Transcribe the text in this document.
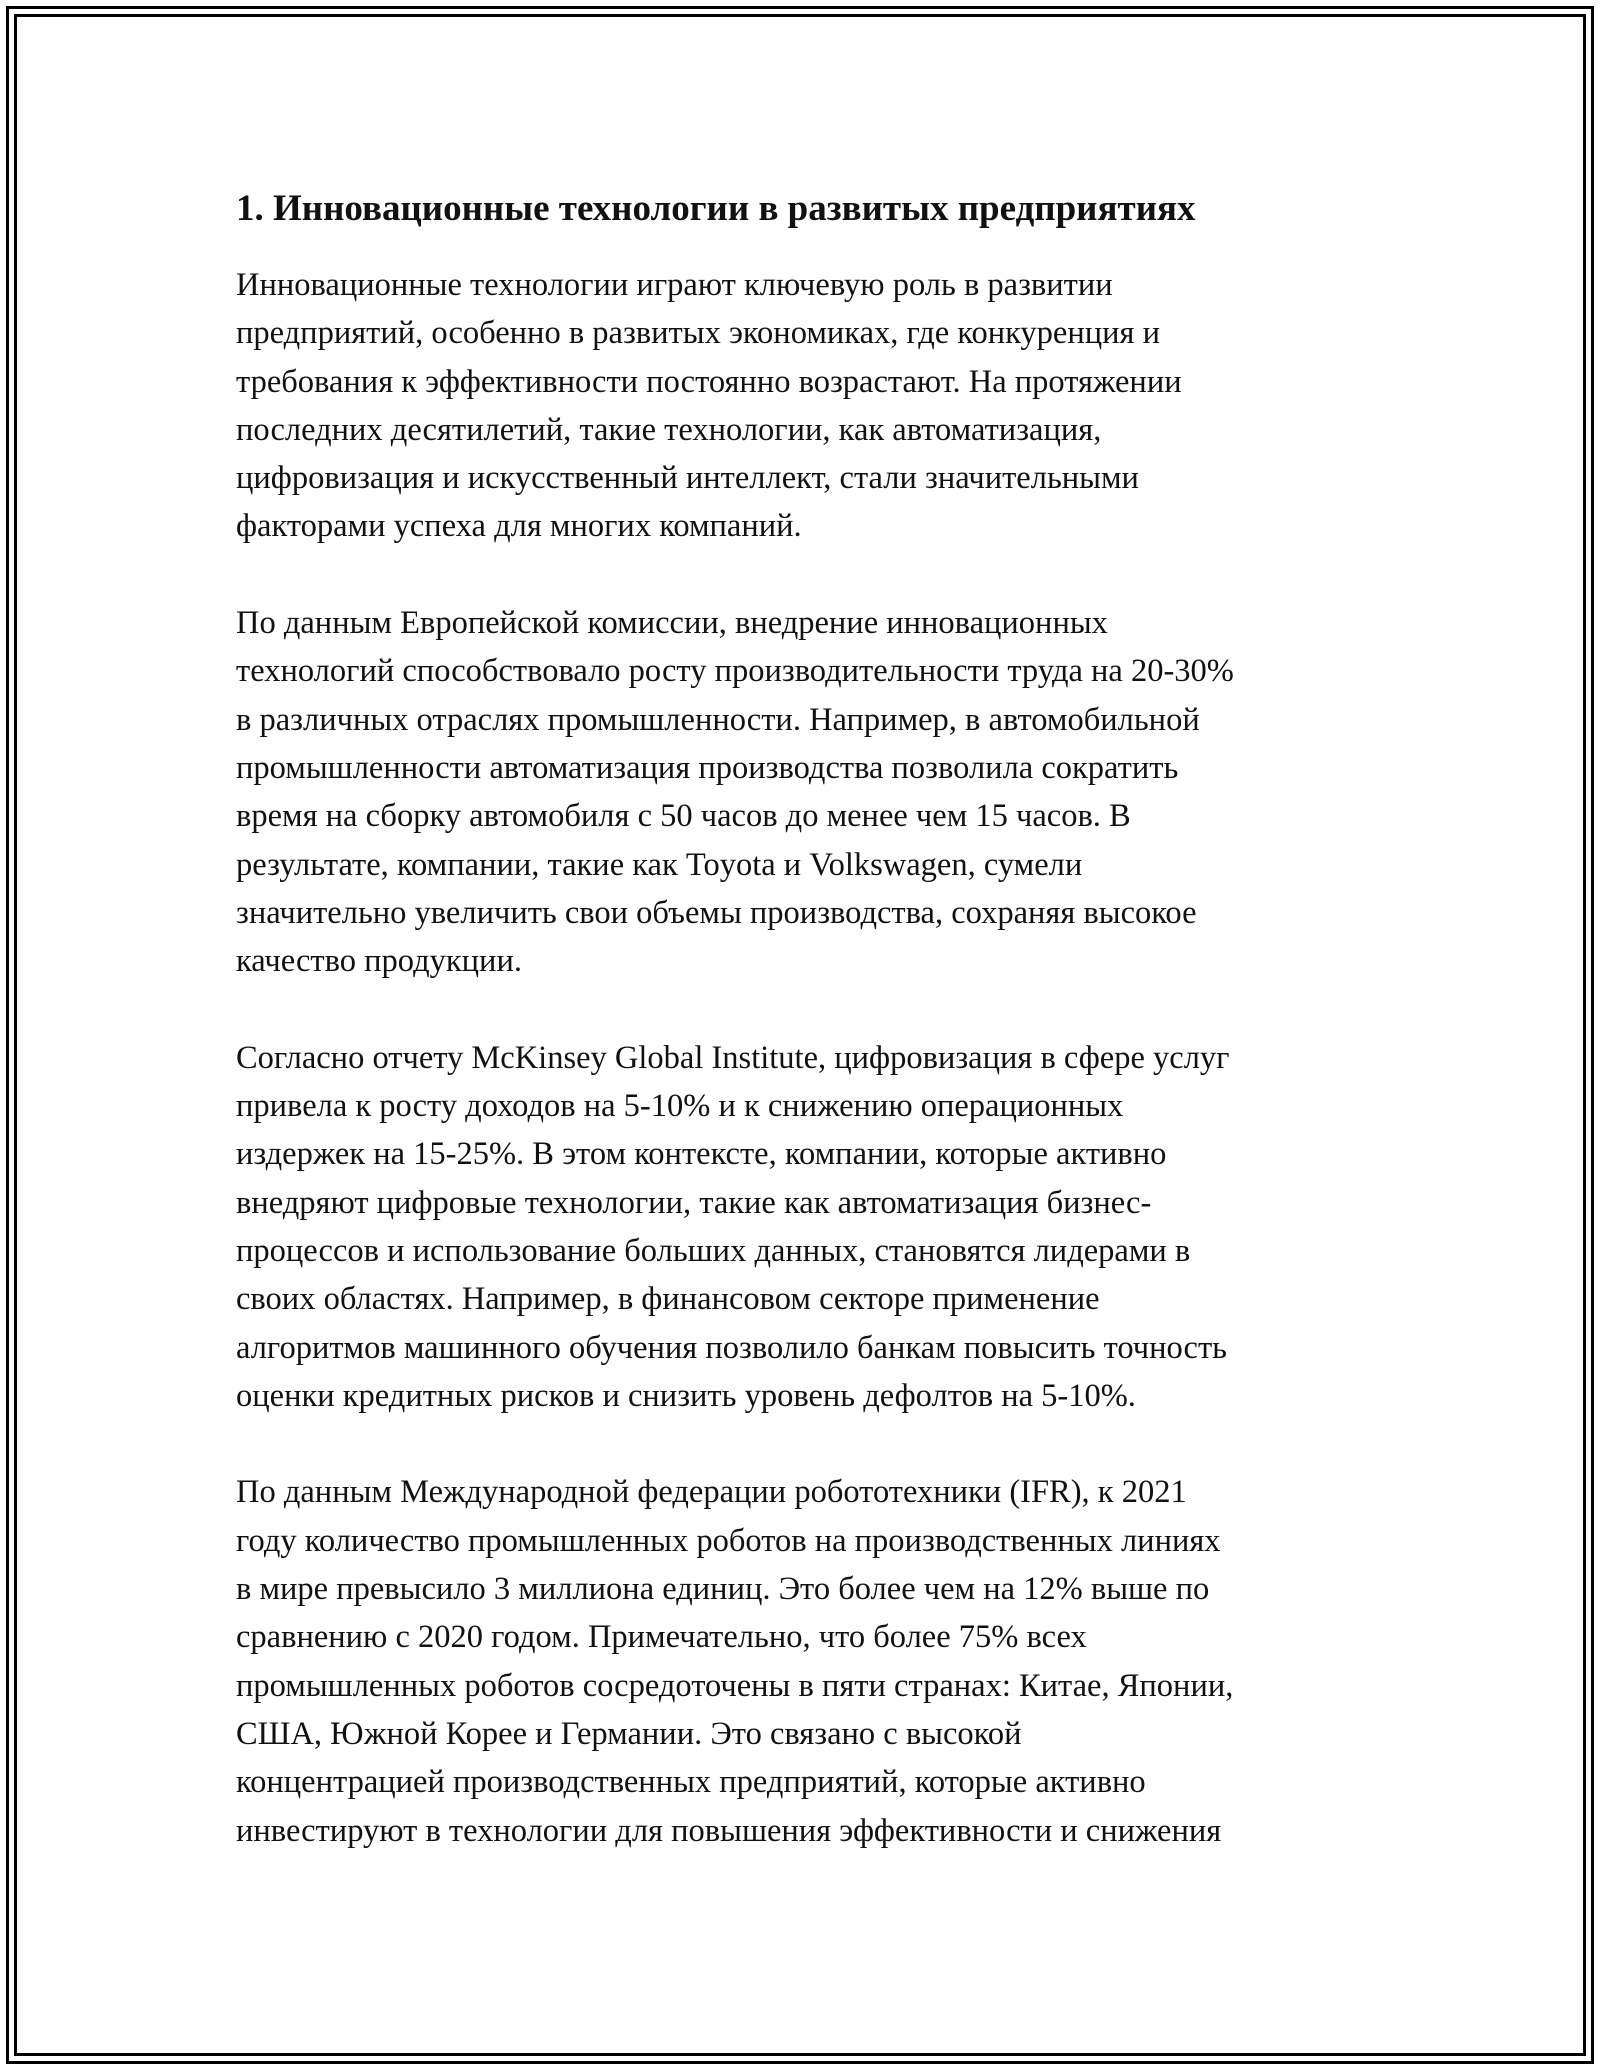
1. Инновационные технологии в развитых предприятиях
Инновационные технологии играют ключевую роль в развитии
предприятий, особенно в развитых экономиках, где конкуренция и
требования к эффективности постоянно возрастают. На протяжении
последних десятилетий, такие технологии, как автоматизация,
цифровизация и искусственный интеллект, стали значительными
факторами успеха для многих компаний.
По данным Европейской комиссии, внедрение инновационных
технологий способствовало росту производительности труда на 20-30%
в различных отраслях промышленности. Например, в автомобильной
промышленности автоматизация производства позволила сократить
время на сборку автомобиля с 50 часов до менее чем 15 часов. В
результате, компании, такие как Toyota и Volkswagen, сумели
значительно увеличить свои объемы производства, сохраняя высокое
качество продукции.
Согласно отчету McKinsey Global Institute, цифровизация в сфере услуг
привела к росту доходов на 5-10% и к снижению операционных
издержек на 15-25%. В этом контексте, компании, которые активно
внедряют цифровые технологии, такие как автоматизация бизнес-
процессов и использование больших данных, становятся лидерами в
своих областях. Например, в финансовом секторе применение
алгоритмов машинного обучения позволило банкам повысить точность
оценки кредитных рисков и снизить уровень дефолтов на 5-10%.
По данным Международной федерации робототехники (IFR), к 2021
году количество промышленных роботов на производственных линиях
в мире превысило 3 миллиона единиц. Это более чем на 12% выше по
сравнению с 2020 годом. Примечательно, что более 75% всех
промышленных роботов сосредоточены в пяти странах: Китае, Японии,
США, Южной Корее и Германии. Это связано с высокой
концентрацией производственных предприятий, которые активно
инвестируют в технологии для повышения эффективности и снижения
